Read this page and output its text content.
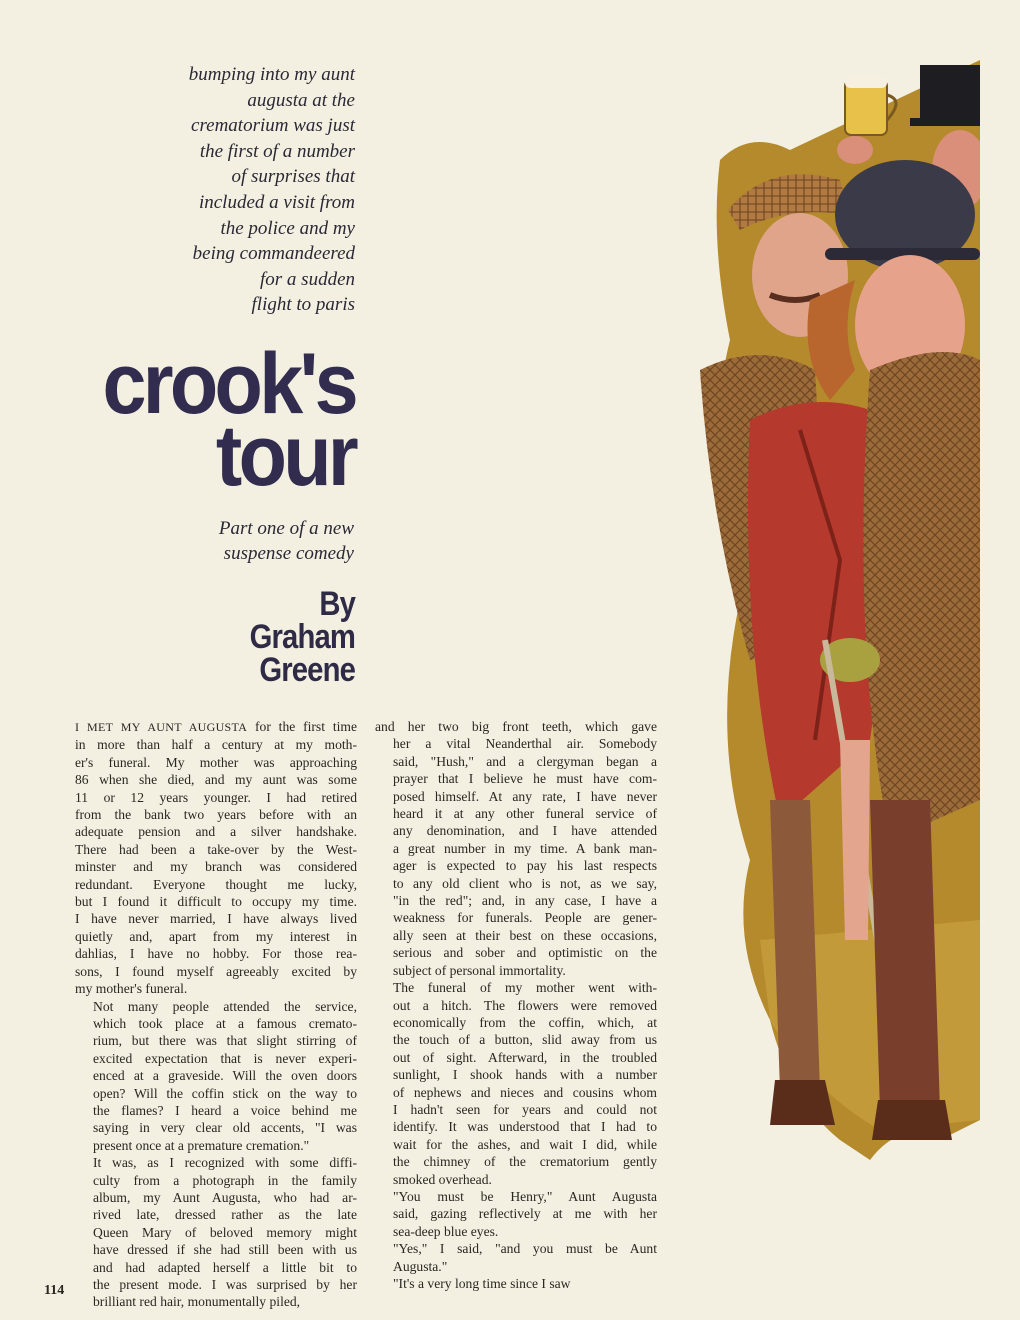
bumping into my aunt
augusta at the
crematorium was just
the first of a number
of surprises that
included a visit from
the police and my
being commandeered
for a sudden
flight to paris
crook's
tour
Part one of a new
suspense comedy
By
Graham
Greene

I MET MY AUNT AUGUSTA for the first time
in more than half a century at my moth-
er's funeral. My mother was approaching
86 when she died, and my aunt was some
11 or 12 years younger. I had retired
from the bank two years before with an
adequate pension and a silver handshake.
There had been a take-over by the West-
minster and my branch was considered
redundant. Everyone thought me lucky,
but I found it difficult to occupy my time.
I have never married, I have always lived
quietly and, apart from my interest in
dahlias, I have no hobby. For those rea-
sons, I found myself agreeably excited by
my mother's funeral.

Not many people attended the service,
which took place at a famous cremato-
rium, but there was that slight stirring of
excited expectation that is never experi-
enced at a graveside. Will the oven doors
open? Will the coffin stick on the way to
the flames? I heard a voice behind me
saying in very clear old accents, "I was
present once at a premature cremation."

It was, as I recognized with some diffi-
culty from a photograph in the family
album, my Aunt Augusta, who had ar-
rived late, dressed rather as the late
Queen Mary of beloved memory might
have dressed if she had still been with us
and had adapted herself a little bit to
the present mode. I was surprised by her
brilliant red hair, monumentally piled,

and her two big front teeth, which gave
her a vital Neanderthal air. Somebody
said, "Hush," and a clergyman began a
prayer that I believe he must have com-
posed himself. At any rate, I have never
heard it at any other funeral service of
any denomination, and I have attended
a great number in my time. A bank man-
ager is expected to pay his last respects
to any old client who is not, as we say,
"in the red"; and, in any case, I have a
weakness for funerals. People are gener-
ally seen at their best on these occasions,
serious and sober and optimistic on the
subject of personal immortality.

The funeral of my mother went with-
out a hitch. The flowers were removed
economically from the coffin, which, at
the touch of a button, slid away from us
out of sight. Afterward, in the troubled
sunlight, I shook hands with a number
of nephews and nieces and cousins whom
I hadn't seen for years and could not
identify. It was understood that I had to
wait for the ashes, and wait I did, while
the chimney of the crematorium gently
smoked overhead.

"You must be Henry," Aunt Augusta
said, gazing reflectively at me with her
sea-deep blue eyes.

"Yes," I said, "and you must be Aunt
Augusta."

"It's a very long time since I saw

114
